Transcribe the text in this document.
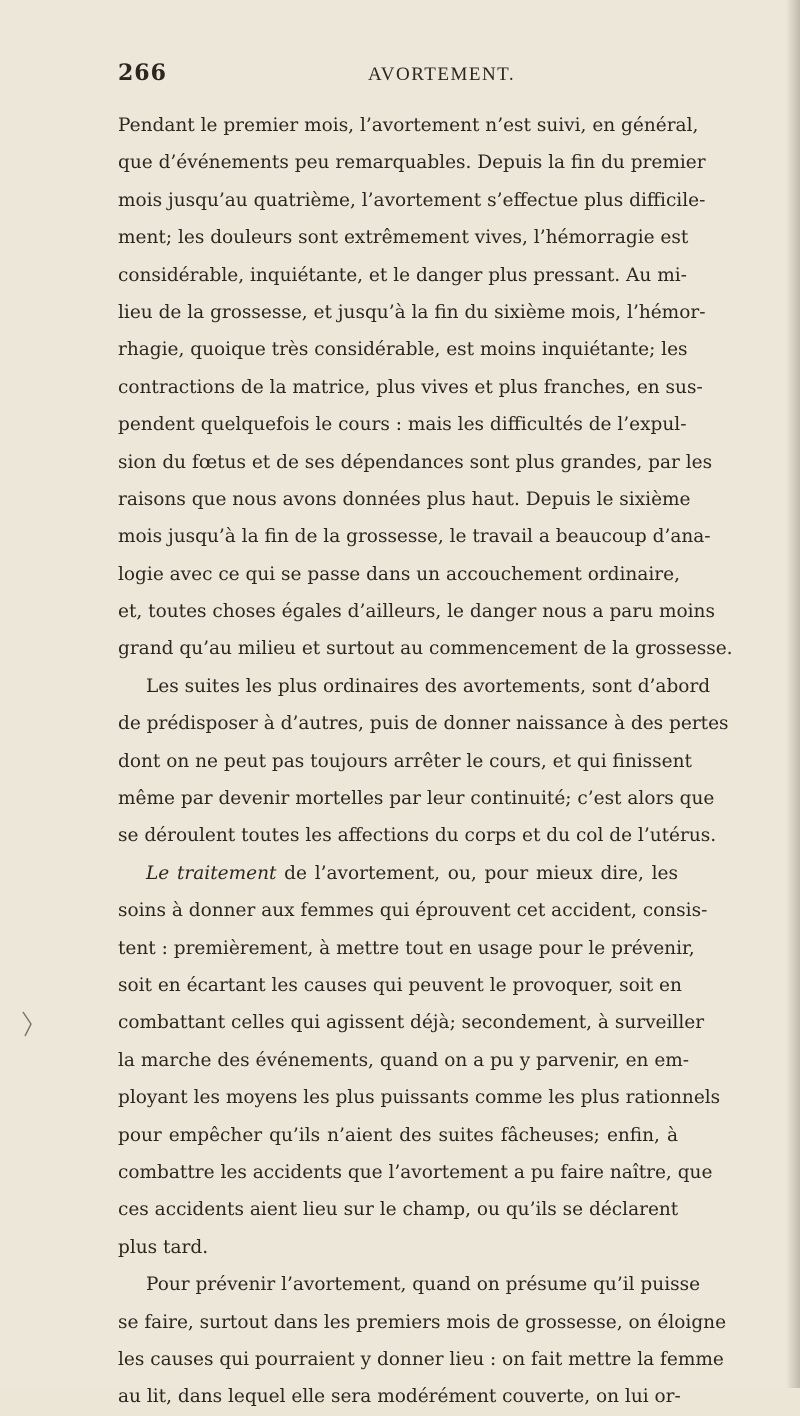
266	AVORTEMENT.
Pendant le premier mois, l’avortement n’est suivi, en général,
que d’événements peu remarquables. Depuis la fin du premier
mois jusqu’au quatrième, l’avortement s’effectue plus difficile-
ment; les douleurs sont extrêmement vives, l’hémorragie est
considérable, inquiétante, et le danger plus pressant. Au mi-
lieu de la grossesse, et jusqu’à la fin du sixième mois, l’hémor-
rhagie, quoique très considérable, est moins inquiétante; les
contractions de la matrice, plus vives et plus franches, en sus-
pendent quelquefois le cours : mais les difficultés de l’expul-
sion du fœtus et de ses dépendances sont plus grandes, par les
raisons que nous avons données plus haut. Depuis le sixième
mois jusqu’à la fin de la grossesse, le travail a beaucoup d’ana-
logie avec ce qui se passe dans un accouchement ordinaire,
et, toutes choses égales d’ailleurs, le danger nous a paru moins
grand qu’au milieu et surtout au commencement de la grossesse.
Les suites les plus ordinaires des avortements, sont d’abord
de prédisposer à d’autres, puis de donner naissance à des pertes
dont on ne peut pas toujours arrêter le cours, et qui finissent
même par devenir mortelles par leur continuité; c’est alors que
se déroulent toutes les affections du corps et du col de l’utérus.
Le traitement de l’avortement, ou, pour mieux dire, les
soins à donner aux femmes qui éprouvent cet accident, consis-
tent : premièrement, à mettre tout en usage pour le prévenir,
soit en écartant les causes qui peuvent le provoquer, soit en
combattant celles qui agissent déjà; secondement, à surveiller
la marche des événements, quand on a pu y parvenir, en em-
ployant les moyens les plus puissants comme les plus rationnels
pour empêcher qu’ils n’aient des suites fâcheuses; enfin, à
combattre les accidents que l’avortement a pu faire naître, que
ces accidents aient lieu sur le champ, ou qu’ils se déclarent
plus tard.
Pour prévenir l’avortement, quand on présume qu’il puisse
se faire, surtout dans les premiers mois de grossesse, on éloigne
les causes qui pourraient y donner lieu : on fait mettre la femme
au lit, dans lequel elle sera modérément couverte, on lui or-
